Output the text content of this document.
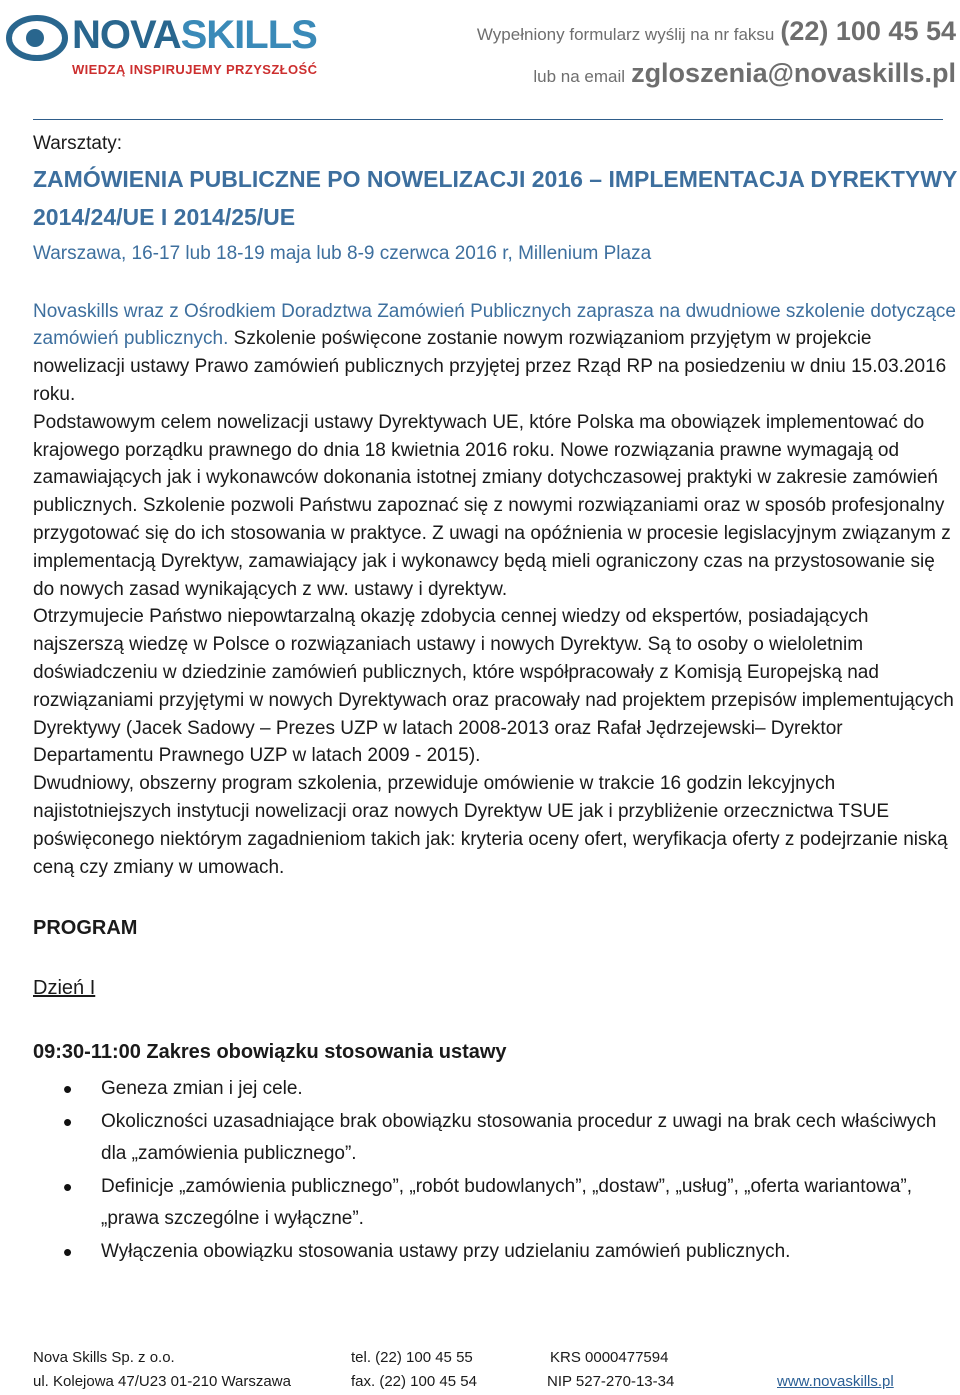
NOVASKILLS
WIEDZĄ INSPIRUJEMY PRZYSZŁOŚĆ
Wypełniony formularz wyślij na nr faksu (22) 100 45 54
lub na email zgloszenia@novaskills.pl

Warsztaty:

ZAMÓWIENIA PUBLICZNE PO NOWELIZACJI 2016 – IMPLEMENTACJA DYREKTYWY 2014/24/UE I 2014/25/UE

Warszawa, 16-17 lub 18-19 maja lub 8-9 czerwca 2016 r, Millenium Plaza

Novaskills wraz z Ośrodkiem Doradztwa Zamówień Publicznych zaprasza na dwudniowe szkolenie dotyczące zamówień publicznych. Szkolenie poświęcone zostanie nowym rozwiązaniom przyjętym w projekcie nowelizacji ustawy Prawo zamówień publicznych przyjętej przez Rząd RP na posiedzeniu w dniu 15.03.2016 roku.

Podstawowym celem nowelizacji ustawy Dyrektywach UE, które Polska ma obowiązek implementować do krajowego porządku prawnego do dnia 18 kwietnia 2016 roku. Nowe rozwiązania prawne wymagają od zamawiających jak i wykonawców dokonania istotnej zmiany dotychczasowej praktyki w zakresie zamówień publicznych. Szkolenie pozwoli Państwu zapoznać się z nowymi rozwiązaniami oraz w sposób profesjonalny przygotować się do ich stosowania w praktyce. Z uwagi na opóźnienia w procesie legislacyjnym związanym z implementacją Dyrektyw, zamawiający jak i wykonawcy będą mieli ograniczony czas na przystosowanie się do nowych zasad wynikających z ww. ustawy i dyrektyw.

Otrzymujecie Państwo niepowtarzalną okazję zdobycia cennej wiedzy od ekspertów, posiadających najszerszą wiedzę w Polsce o rozwiązaniach ustawy i nowych Dyrektyw. Są to osoby o wieloletnim doświadczeniu w dziedzinie zamówień publicznych, które współpracowały z Komisją Europejską nad rozwiązaniami przyjętymi w nowych Dyrektywach oraz pracowały nad projektem przepisów implementujących Dyrektywy (Jacek Sadowy – Prezes UZP w latach 2008-2013 oraz Rafał Jędrzejewski– Dyrektor Departamentu Prawnego UZP w latach 2009 - 2015).

Dwudniowy, obszerny program szkolenia, przewiduje omówienie w trakcie 16 godzin lekcyjnych najistotniejszych instytucji nowelizacji oraz nowych Dyrektyw UE jak i przybliżenie orzecznictwa TSUE poświęconego niektórym zagadnieniom takich jak: kryteria oceny ofert, weryfikacja oferty z podejrzanie niską ceną czy zmiany w umowach.

PROGRAM

Dzień I

09:30-11:00 Zakres obowiązku stosowania ustawy

• Geneza zmian i jej cele.
• Okoliczności uzasadniające brak obowiązku stosowania procedur z uwagi na brak cech właściwych dla „zamówienia publicznego”.
• Definicje „zamówienia publicznego”, „robót budowlanych”, „dostaw”, „usług”, „oferta wariantowa”, „prawa szczególne i wyłączne”.
• Wyłączenia obowiązku stosowania ustawy przy udzielaniu zamówień publicznych.
Nova Skills Sp. z o.o.
ul. Kolejowa 47/U23 01-210 Warszawa
tel. (22) 100 45 55
fax. (22) 100 45 54
KRS 0000477594
NIP 527-270-13-34	www.novaskills.pl
